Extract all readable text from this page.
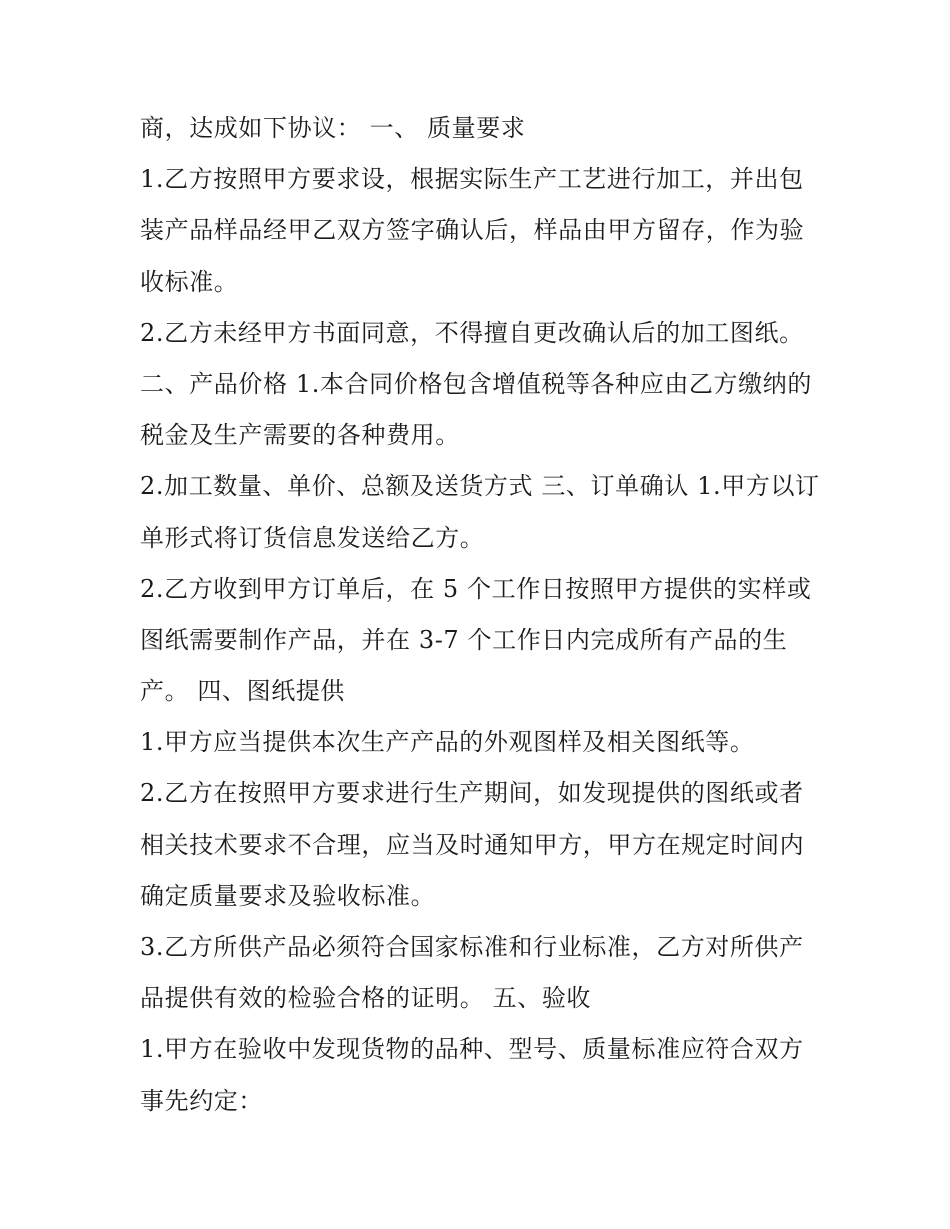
商，达成如下协议： 一、 质量要求
1.乙方按照甲方要求设，根据实际生产工艺进行加工，并出包
装产品样品经甲乙双方签字确认后，样品由甲方留存，作为验
收标准。
2.乙方未经甲方书面同意，不得擅自更改确认后的加工图纸。
二、产品价格 1.本合同价格包含增值税等各种应由乙方缴纳的
税金及生产需要的各种费用。
2.加工数量、单价、总额及送货方式 三、订单确认 1.甲方以订
单形式将订货信息发送给乙方。
2.乙方收到甲方订单后，在 5 个工作日按照甲方提供的实样或
图纸需要制作产品，并在 3-7 个工作日内完成所有产品的生
产。 四、图纸提供
1.甲方应当提供本次生产产品的外观图样及相关图纸等。
2.乙方在按照甲方要求进行生产期间，如发现提供的图纸或者
相关技术要求不合理，应当及时通知甲方，甲方在规定时间内
确定质量要求及验收标准。
3.乙方所供产品必须符合国家标准和行业标准，乙方对所供产
品提供有效的检验合格的证明。 五、验收
1.甲方在验收中发现货物的品种、型号、质量标准应符合双方
事先约定：
